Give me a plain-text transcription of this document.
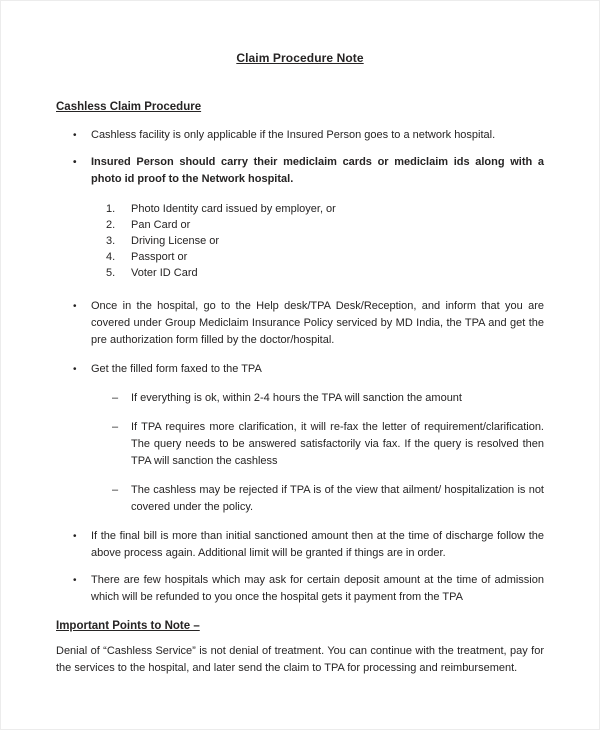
Claim Procedure Note
Cashless Claim Procedure
•	Cashless facility is only applicable if the Insured Person goes to a network hospital.
•	Insured Person should carry their mediclaim cards or mediclaim ids along with a photo id proof to the Network hospital.
1.	Photo Identity card issued by employer, or
2.	Pan Card or
3.	Driving License or
4.	Passport or
5.	Voter ID Card
•	Once in the hospital, go to the Help desk/TPA Desk/Reception, and inform that you are covered under Group Mediclaim Insurance Policy serviced by MD India, the TPA and get the pre authorization form filled by the doctor/hospital.
•	Get the filled form faxed to the TPA
–	If everything is ok, within 2-4 hours the TPA will sanction the amount
–	If TPA requires more clarification, it will re-fax the letter of requirement/clarification. The query needs to be answered satisfactorily via fax. If the query is resolved then TPA will sanction the cashless
–	The cashless may be rejected if TPA is of the view that ailment/ hospitalization is not covered under the policy.
•	If the final bill is more than initial sanctioned amount then at the time of discharge follow the above process again. Additional limit will be granted if things are in order.
•	There are few hospitals which may ask for certain deposit amount at the time of admission which will be refunded to you once the hospital gets it payment from the TPA
Important Points to Note –
Denial of “Cashless Service” is not denial of treatment. You can continue with the treatment, pay for the services to the hospital, and later send the claim to TPA for processing and reimbursement.
